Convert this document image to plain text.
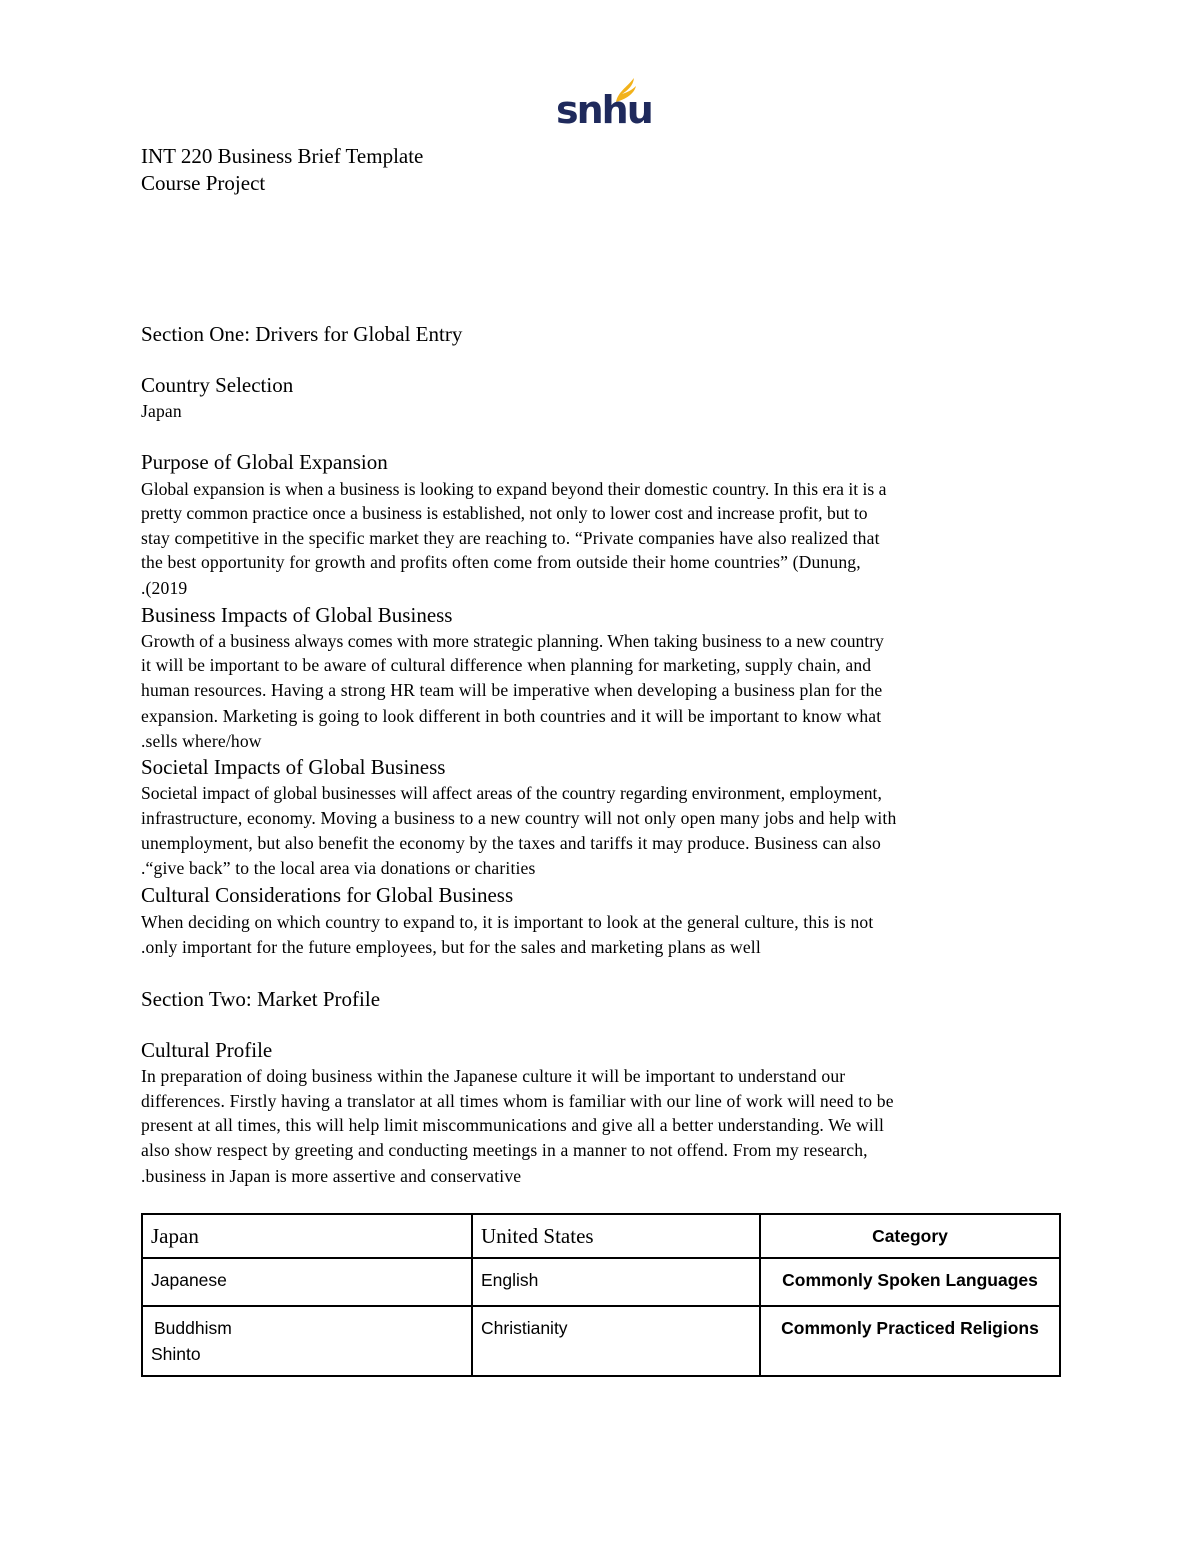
snhu
INT 220 Business Brief Template
Course Project
Section One: Drivers for Global Entry
Country Selection
Japan
Purpose of Global Expansion
Global expansion is when a business is looking to expand beyond their domestic country. In this era it is a
pretty common practice once a business is established, not only to lower cost and increase profit, but to
stay competitive in the specific market they are reaching to. “Private companies have also realized that
the best opportunity for growth and profits often come from outside their home countries” (Dunung,
.(2019
Business Impacts of Global Business
Growth of a business always comes with more strategic planning. When taking business to a new country
it will be important to be aware of cultural difference when planning for marketing, supply chain, and
human resources. Having a strong HR team will be imperative when developing a business plan for the
expansion. Marketing is going to look different in both countries and it will be important to know what
.sells where/how
Societal Impacts of Global Business
Societal impact of global businesses will affect areas of the country regarding environment, employment,
infrastructure, economy. Moving a business to a new country will not only open many jobs and help with
unemployment, but also benefit the economy by the taxes and tariffs it may produce. Business can also
.“give back” to the local area via donations or charities
Cultural Considerations for Global Business
When deciding on which country to expand to, it is important to look at the general culture, this is not
.only important for the future employees, but for the sales and marketing plans as well
Section Two: Market Profile
Cultural Profile
In preparation of doing business within the Japanese culture it will be important to understand our
differences. Firstly having a translator at all times whom is familiar with our line of work will need to be
present at all times, this will help limit miscommunications and give all a better understanding. We will
also show respect by greeting and conducting meetings in a manner to not offend. From my research,
.business in Japan is more assertive and conservative
Japan	United States	Category

Japanese	English	Commonly Spoken Languages

Buddhism
Shinto	Christianity	Commonly Practiced Religions
